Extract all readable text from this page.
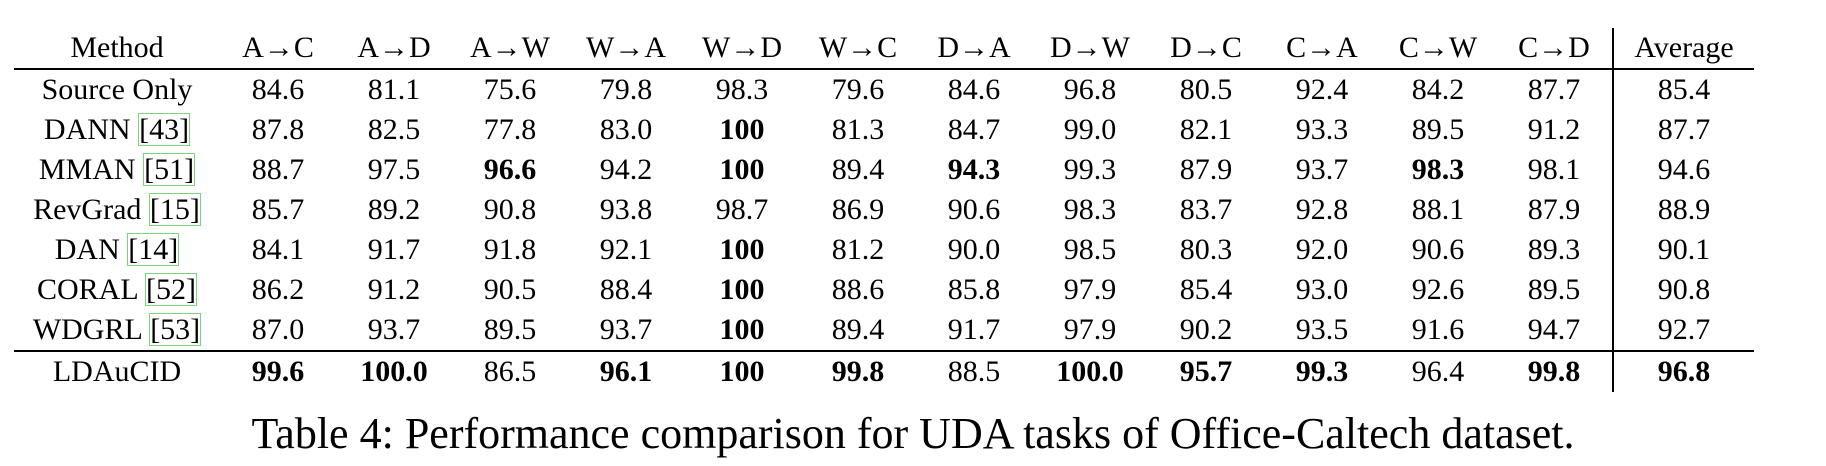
Method	A→C	A→D	A→W	W→A	W→D	W→C	D→A	D→W	D→C	C→A	C→W	C→D	Average
Source Only	84.6	81.1	75.6	79.8	98.3	79.6	84.6	96.8	80.5	92.4	84.2	87.7	85.4
DANN [43]	87.8	82.5	77.8	83.0	100	81.3	84.7	99.0	82.1	93.3	89.5	91.2	87.7
MMAN [51]	88.7	97.5	96.6	94.2	100	89.4	94.3	99.3	87.9	93.7	98.3	98.1	94.6
RevGrad [15]	85.7	89.2	90.8	93.8	98.7	86.9	90.6	98.3	83.7	92.8	88.1	87.9	88.9
DAN [14]	84.1	91.7	91.8	92.1	100	81.2	90.0	98.5	80.3	92.0	90.6	89.3	90.1
CORAL [52]	86.2	91.2	90.5	88.4	100	88.6	85.8	97.9	85.4	93.0	92.6	89.5	90.8
WDGRL [53]	87.0	93.7	89.5	93.7	100	89.4	91.7	97.9	90.2	93.5	91.6	94.7	92.7
LDAuCID	99.6	100.0	86.5	96.1	100	99.8	88.5	100.0	95.7	99.3	96.4	99.8	96.8
Table 4: Performance comparison for UDA tasks of Office-Caltech dataset.
